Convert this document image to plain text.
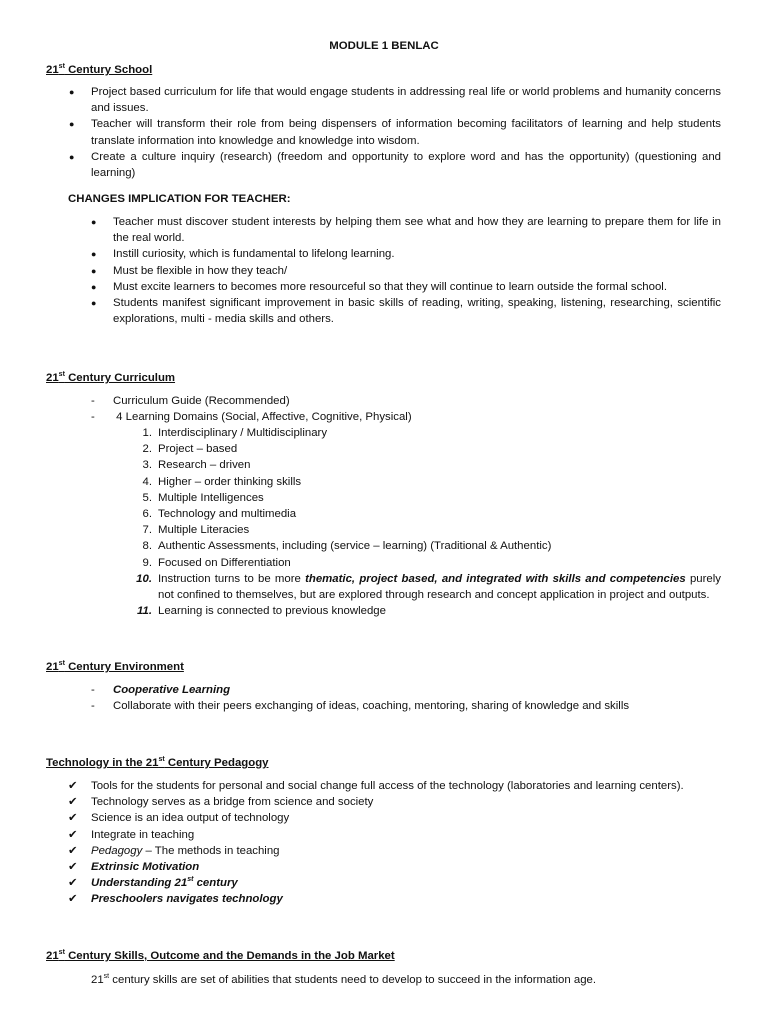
MODULE 1 BENLAC
21st Century School
● Project based curriculum for life that would engage students in addressing real life or world problems and humanity concerns and issues.
● Teacher will transform their role from being dispensers of information becoming facilitators of learning and help students translate information into knowledge and knowledge into wisdom.
● Create a culture inquiry (research) (freedom and opportunity to explore word and has the opportunity) (questioning and learning)
CHANGES IMPLICATION FOR TEACHER:
● Teacher must discover student interests by helping them see what and how they are learning to prepare them for life in the real world.
● Instill curiosity, which is fundamental to lifelong learning.
● Must be flexible in how they teach/
● Must excite learners to becomes more resourceful so that they will continue to learn outside the formal school.
● Students manifest significant improvement in basic skills of reading, writing, speaking, listening, researching, scientific explorations, multi - media skills and others.
21st Century Curriculum
- Curriculum Guide (Recommended)
- 4 Learning Domains (Social, Affective, Cognitive, Physical)
1. Interdisciplinary / Multidisciplinary
2. Project – based
3. Research – driven
4. Higher – order thinking skills
5. Multiple Intelligences
6. Technology and multimedia
7. Multiple Literacies
8. Authentic Assessments, including (service – learning) (Traditional & Authentic)
9. Focused on Differentiation
10. Instruction turns to be more thematic, project based, and integrated with skills and competencies purely not confined to themselves, but are explored through research and concept application in project and outputs.
11. Learning is connected to previous knowledge
21st Century Environment
- Cooperative Learning
- Collaborate with their peers exchanging of ideas, coaching, mentoring, sharing of knowledge and skills
Technology in the 21st Century Pedagogy
✔ Tools for the students for personal and social change full access of the technology (laboratories and learning centers).
✔ Technology serves as a bridge from science and society
✔ Science is an idea output of technology
✔ Integrate in teaching
✔ Pedagogy – The methods in teaching
✔ Extrinsic Motivation
✔ Understanding 21st century
✔ Preschoolers navigates technology
21st Century Skills, Outcome and the Demands in the Job Market
21st century skills are set of abilities that students need to develop to succeed in the information age.
